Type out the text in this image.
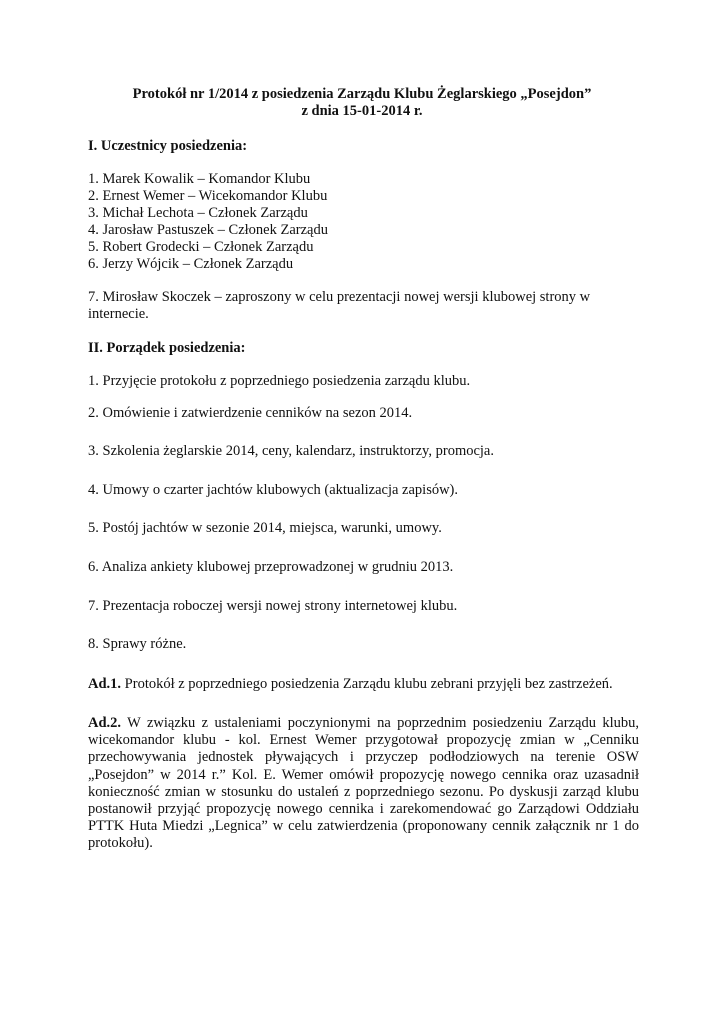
Protokół nr 1/2014 z posiedzenia Zarządu Klubu Żeglarskiego „Posejdon”
z dnia 15-01-2014 r.
I. Uczestnicy posiedzenia:
1. Marek Kowalik – Komandor Klubu
2. Ernest Wemer – Wicekomandor Klubu
3. Michał Lechota – Członek Zarządu
4. Jarosław Pastuszek – Członek Zarządu
5. Robert Grodecki – Członek Zarządu
6. Jerzy Wójcik – Członek Zarządu
7. Mirosław Skoczek – zaproszony w celu prezentacji nowej wersji klubowej strony w internecie.
II. Porządek posiedzenia:
1. Przyjęcie protokołu z poprzedniego posiedzenia zarządu klubu.
2. Omówienie i zatwierdzenie cenników na sezon 2014.
3. Szkolenia żeglarskie 2014, ceny, kalendarz, instruktorzy, promocja.
4. Umowy o czarter jachtów klubowych (aktualizacja zapisów).
5. Postój jachtów w sezonie 2014, miejsca, warunki, umowy.
6. Analiza ankiety klubowej przeprowadzonej w grudniu 2013.
7. Prezentacja roboczej wersji nowej strony internetowej klubu.
8. Sprawy różne.
Ad.1. Protokół z poprzedniego posiedzenia Zarządu klubu zebrani przyjęli bez zastrzeżeń.
Ad.2. W związku z ustaleniami poczynionymi na poprzednim posiedzeniu Zarządu klubu, wicekomandor klubu - kol. Ernest Wemer przygotował propozycję zmian w „Cenniku przechowywania jednostek pływających i przyczep podłodziowych na terenie OSW „Posejdon” w 2014 r.” Kol. E. Wemer omówił propozycję nowego cennika oraz uzasadnił konieczność zmian w stosunku do ustaleń z poprzedniego sezonu. Po dyskusji zarząd klubu postanowił przyjąć propozycję nowego cennika i zarekomendować go Zarządowi Oddziału PTTK Huta Miedzi „Legnica” w celu zatwierdzenia (proponowany cennik załącznik nr 1 do protokołu).
